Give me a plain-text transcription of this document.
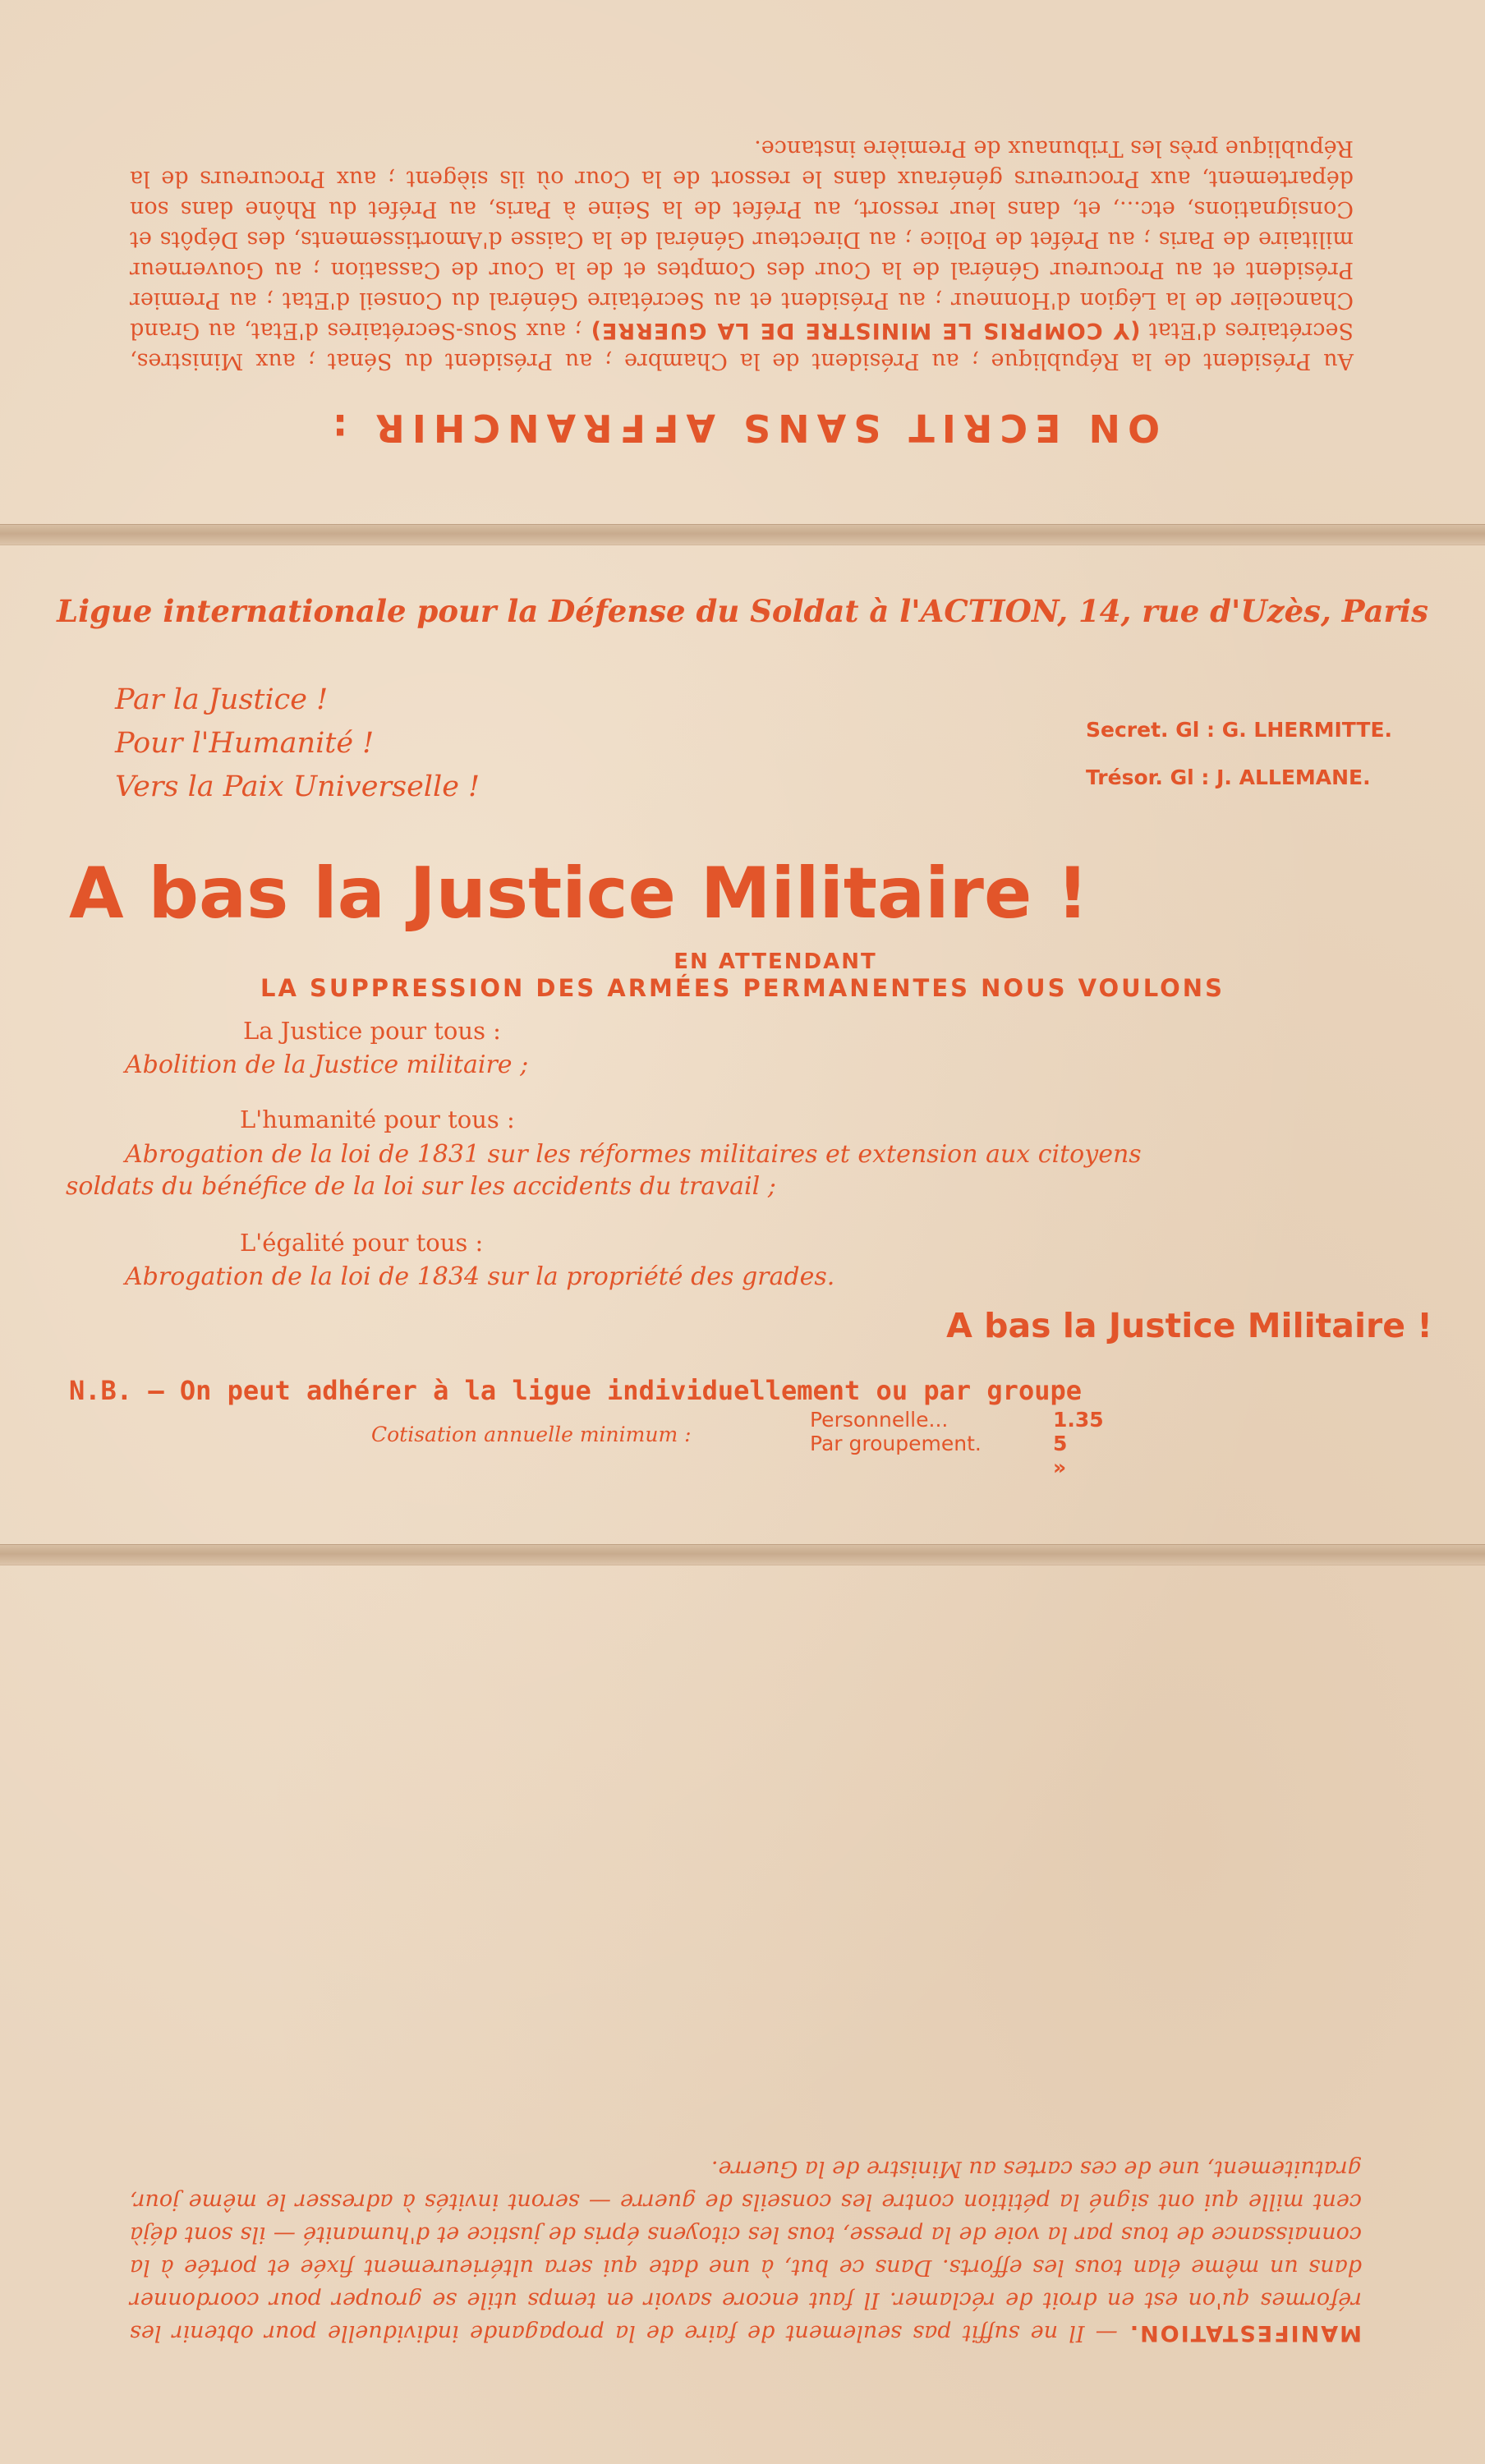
ON ECRIT SANS AFFRANCHIR :
Au Président de la République ; au Président de la Chambre ; au Président du Sénat ; aux Ministres, Secrétaires d'Etat (Y COMPRIS LE MINISTRE DE LA GUERRE) ; aux Sous-Secrétaires d'Etat, au Grand Chancelier de la Légion d'Honneur ; au Président et au Secrétaire Général du Conseil d'Etat ; au Premier Président et au Procureur Général de la Cour des Comptes et de la Cour de Cassation ; au Gouverneur militaire de Paris ; au Préfet de Police ; au Directeur Général de la Caisse d'Amortissements, des Dépôts et Consignations, etc..., et, dans leur ressort, au Préfet de la Seine à Paris, au Préfet du Rhône dans son département, aux Procureurs généraux dans le ressort de la Cour où ils siègent ; aux Procureurs de la République près les Tribunaux de Première instance.
Ligue internationale pour la Défense du Soldat à l'ACTION, 14, rue d'Uzès, Paris
Par la Justice !
Pour l'Humanité !
Vers la Paix Universelle !
Secret. Gl : G. LHERMITTE.
Trésor. Gl : J. ALLEMANE.
A bas la Justice Militaire !
EN ATTENDANT
LA SUPPRESSION DES ARMÉES PERMANENTES NOUS VOULONS
La Justice pour tous :
Abolition de la Justice militaire ;
L'humanité pour tous :
Abrogation de la loi de 1831 sur les réformes militaires et extension aux citoyens
soldats du bénéfice de la loi sur les accidents du travail ;
L'égalité pour tous :
Abrogation de la loi de 1834 sur la propriété des grades.
A bas la Justice Militaire !
N.B. — On peut adhérer à la ligue individuellement ou par groupe
Cotisation annuelle minimum :
Personnelle...	1.35
Par groupement.	5 »
MANIFESTATION. — Il ne suffit pas seulement de faire de la propagande individuelle pour obtenir les réformes qu'on est en droit de réclamer. Il faut encore savoir en temps utile se grouper pour coordonner dans un même élan tous les efforts. Dans ce but, à une date qui sera ultérieurement fixée et portée à la connaissance de tous par la voie de la presse, tous les citoyens épris de justice et d'humanité — ils sont déjà cent mille qui ont signé la pétition contre les conseils de guerre — seront invités à adresser le même jour, gratuitement, une de ces cartes au Ministre de la Guerre.
